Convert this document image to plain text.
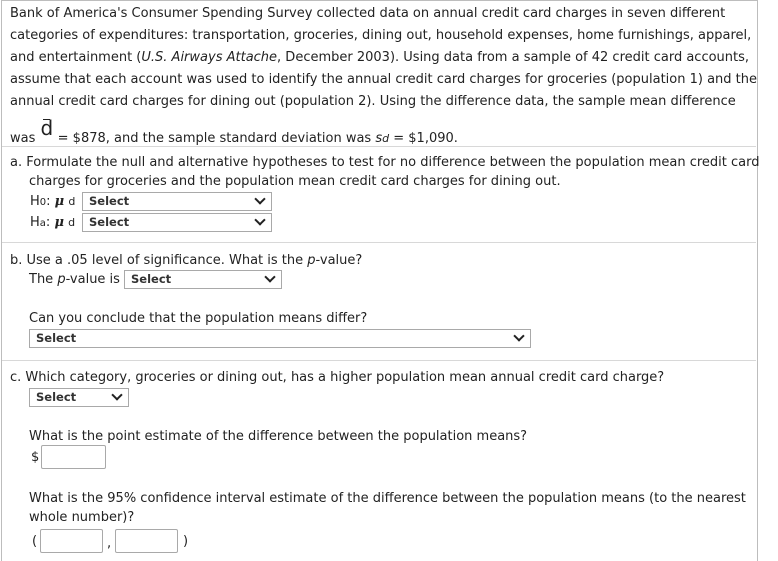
Bank of America's Consumer Spending Survey collected data on annual credit card charges in seven different
categories of expenditures: transportation, groceries, dining out, household expenses, home furnishings, apparel,
and entertainment (U.S. Airways Attache, December 2003). Using data from a sample of 42 credit card accounts,
assume that each account was used to identify the annual credit card charges for groceries (population 1) and the
annual credit card charges for dining out (population 2). Using the difference data, the sample mean difference
was d = $878, and the sample standard deviation was sd = $1,090.
a. Formulate the null and alternative hypotheses to test for no difference between the population mean credit card
charges for groceries and the population mean credit card charges for dining out.
H0: μ d	Select
Ha: μ d	Select
b. Use a .05 level of significance. What is the p-value?
The p-value is Select
Can you conclude that the population means differ?
Select
c. Which category, groceries or dining out, has a higher population mean annual credit card charge?
Select
What is the point estimate of the difference between the population means?
$
What is the 95% confidence interval estimate of the difference between the population means (to the nearest
whole number)?
(	,	)
